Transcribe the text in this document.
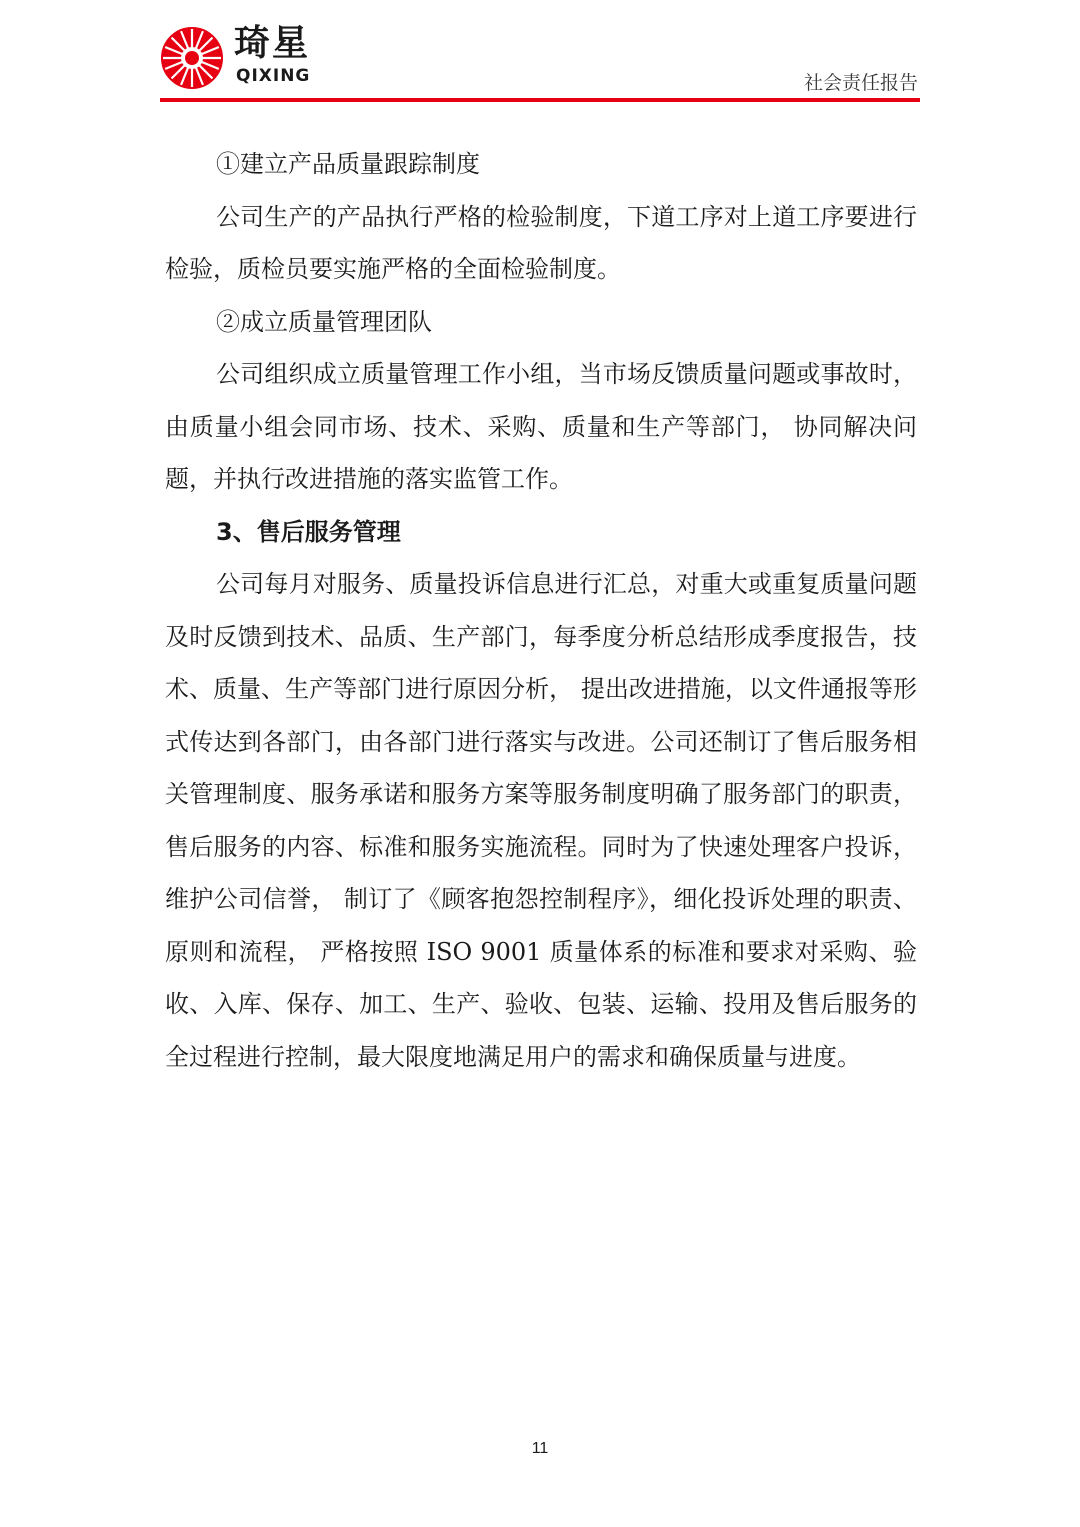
琦星
QIXING	社会责任报告

①建立产品质量跟踪制度

公司生产的产品执行严格的检验制度，下道工序对上道工序要进行检验，质检员要实施严格的全面检验制度。

②成立质量管理团队

公司组织成立质量管理工作小组，当市场反馈质量问题或事故时，由质量小组会同市场、技术、采购、质量和生产等部门， 协同解决问题，并执行改进措施的落实监管工作。

3、售后服务管理

公司每月对服务、质量投诉信息进行汇总，对重大或重复质量问题及时反馈到技术、品质、生产部门，每季度分析总结形成季度报告，技术、质量、生产等部门进行原因分析， 提出改进措施，以文件通报等形式传达到各部门，由各部门进行落实与改进。公司还制订了售后服务相关管理制度、服务承诺和服务方案等服务制度明确了服务部门的职责，售后服务的内容、标准和服务实施流程。同时为了快速处理客户投诉，维护公司信誉， 制订了《顾客抱怨控制程序》，细化投诉处理的职责、原则和流程， 严格按照 ISO 9001 质量体系的标准和要求对采购、验收、入库、保存、加工、生产、验收、包装、运输、投用及售后服务的全过程进行控制，最大限度地满足用户的需求和确保质量与进度。

11
